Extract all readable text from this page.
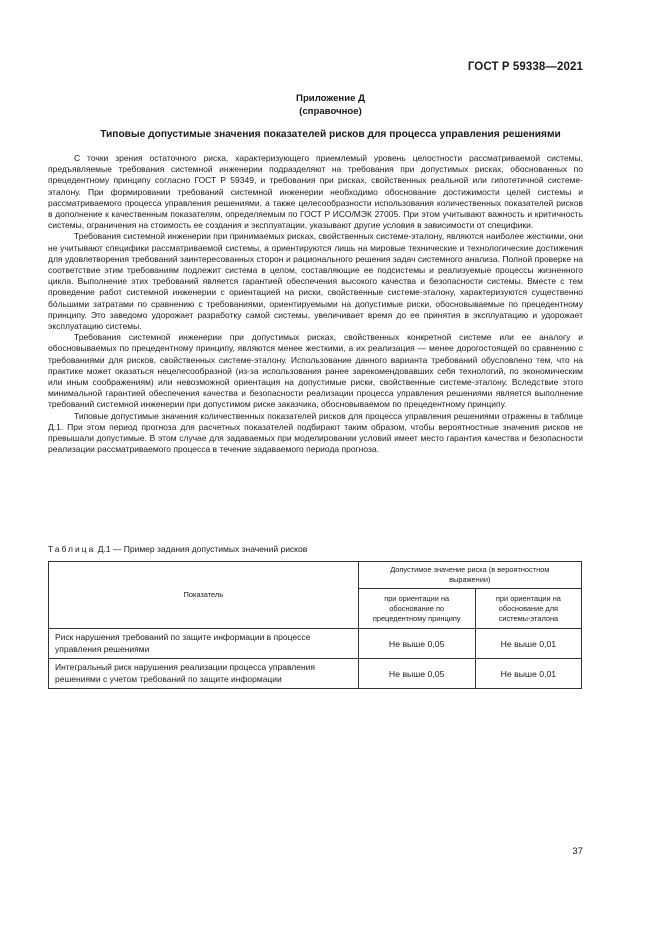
ГОСТ Р 59338—2021
Приложение Д
(справочное)
Типовые допустимые значения показателей рисков для процесса управления решениями

С точки зрения остаточного риска, характеризующего приемлемый уровень целостности рассматриваемой системы, предъявляемые требования системной инженерии подразделяют на требования при допустимых рисках, обоснованных по прецедентному принципу согласно ГОСТ Р 59349, и требования при рисках, свойственных реальной или гипотетичной системе-эталону. При формировании требований системной инженерии необходимо обоснование достижимости целей системы и рассматриваемого процесса управления решениями, а также целесообразности использования количественных показателей рисков в дополнение к качественным показателям, определяемым по ГОСТ Р ИСО/МЭК 27005. При этом учитывают важность и критичность системы, ограничения на стоимость ее создания и эксплуатации, указывают другие условия в зависимости от специфики.

Требования системной инженерии при принимаемых рисках, свойственных системе-эталону, являются наиболее жесткими, они не учитывают специфики рассматриваемой системы, а ориентируются лишь на мировые технические и технологические достижения для удовлетворения требований заинтересованных сторон и рационального решения задач системного анализа. Полной проверке на соответствие этим требованиям подлежит система в целом, составляющие ее подсистемы и реализуемые процессы жизненного цикла. Выполнение этих требований является гарантией обеспечения высокого качества и безопасности системы. Вместе с тем проведение работ системной инженерии с ориентацией на риски, свойственные системе-эталону, характеризуются существенно бо́льшими затратами по сравнению с требованиями, ориентируемыми на допустимые риски, обосновываемые по прецедентному принципу. Это заведомо удорожает разработку самой системы, увеличивает время до ее принятия в эксплуатацию и удорожает эксплуатацию системы.

Требования системной инженерии при допустимых рисках, свойственных конкретной системе или ее аналогу и обосновываемых по прецедентному принципу, являются менее жесткими, а их реализация — менее дорогостоящей по сравнению с требованиями для рисков, свойственных системе-эталону. Использование данного варианта требований обусловлено тем, что на практике может оказаться нецелесообразной (из-за использования ранее зарекомендовавших себя технологий, по экономическим или иным соображениям) или невозможной ориентация на допустимые риски, свойственные системе-эталону. Вследствие этого минимальной гарантией обеспечения качества и безопасности реализации процесса управления решениями является выполнение требований системной инженерии при допустимом риске заказчика, обосновываемом по прецедентному принципу.

Типовые допустимые значения количественных показателей рисков для процесса управления решениями отражены в таблице Д.1. При этом период прогноза для расчетных показателей подбирают таким образом, чтобы вероятностные значения рисков не превышали допустимые. В этом случае для задаваемых при моделировании условий имеет место гарантия качества и безопасности реализации рассматриваемого процесса в течение задаваемого периода прогноза.

Таблица Д.1 — Пример задания допустимых значений рисков
Показатель	Допустимое значение риска (в вероятностном выражении)	
	при ориентации на обоснование по прецедентному принципу	при ориентации на обоснование для системы-эталона
Риск нарушения требований по защите информации в процессе управления решениями	Не выше 0,05	Не выше 0,01
Интегральный риск нарушения реализации процесса управления решениями с учетом требований по защите информации	Не выше 0,05	Не выше 0,01
37
